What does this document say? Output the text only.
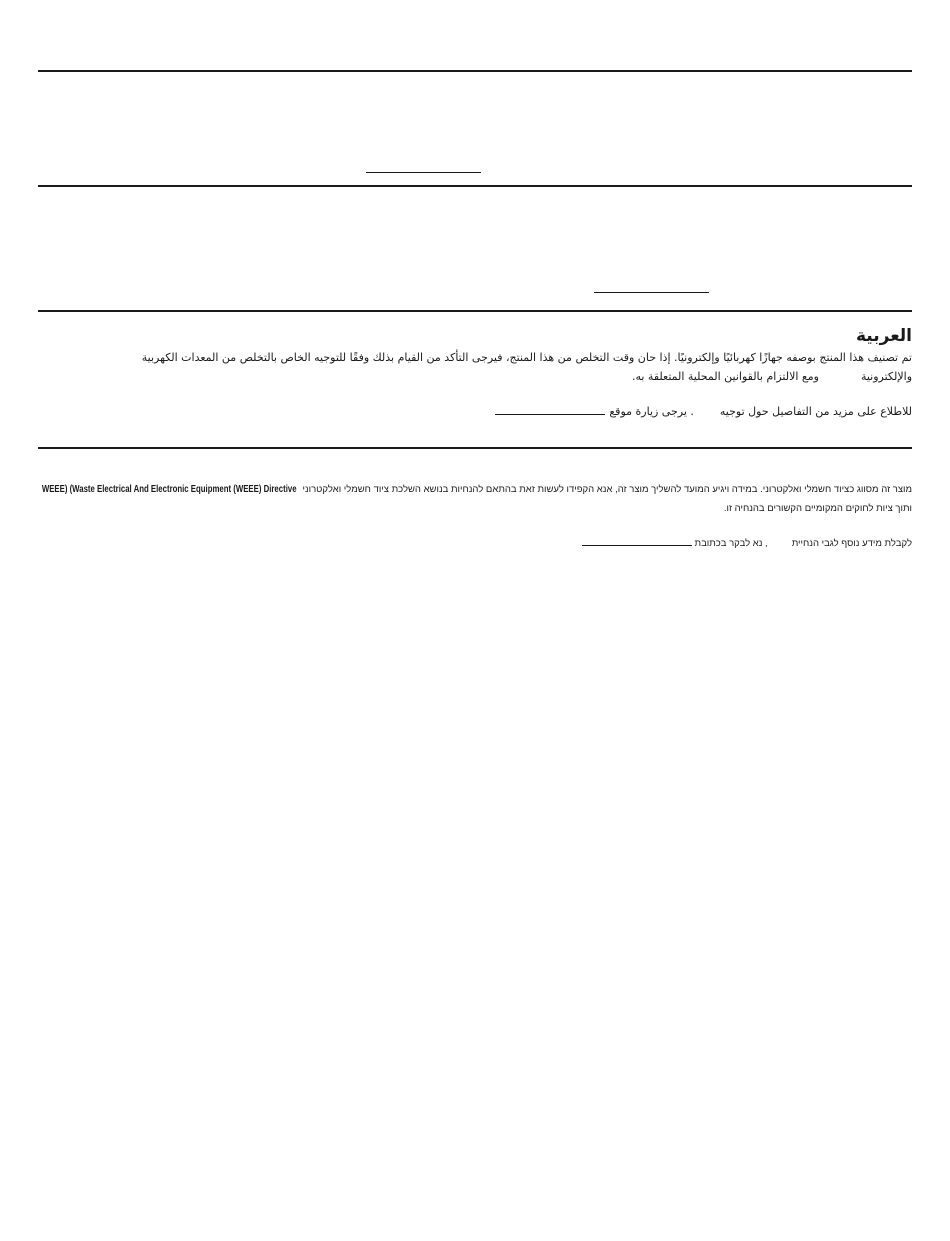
العربية
تم تصنيف هذا المنتج بوصفه جهازًا كهربائيًا وإلكترونيًا. إذا حان وقت التخلص من هذا المنتج، فيرجى التأكد من القيام بذلك وفقًا للتوجيه الخاص بالتخلص من المعدات الكهربية
والإلكترونيةومع الالتزام بالقوانين المحلية المتعلقة به.
للاطلاع على مزيد من التفاصيل حول توجيه. يرجى زيارة موقع
מוצר זה מסווג כציוד חשמלי ואלקטרוני. במידה ויגיע המועד להשליך מוצר זה, אנא הקפידו לעשות זאת בהתאם להנחיות בנושא השלכת ציוד חשמלי ואלקטרוניWEEE) (Waste Electrical And Electronic Equipment (WEEE) Directive
ותוך ציות לחוקים המקומיים הקשורים בהנחיה זו.
לקבלת מידע נוסף לגבי הנחיית, נא לבקר בכתובת
